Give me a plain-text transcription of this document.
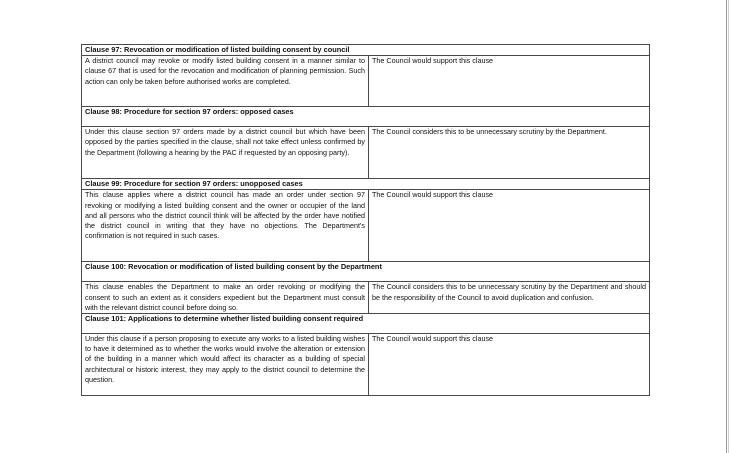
Clause 97: Revocation or modification of listed building consent by council	
A district council may revoke or modify listed building consent in a manner similar to clause 67 that is used for the revocation and modification of planning permission. Such action can only be taken before authorised works are completed.	The Council would support this clause
Clause 98: Procedure for section 97 orders: opposed cases	
Under this clause section 97 orders made by a district council but which have been opposed by the parties specified in the clause, shall not take effect unless confirmed by the Department (following a hearing by the PAC if requested by an opposing party).	The Council considers this to be unnecessary scrutiny by the Department.
Clause 99: Procedure for section 97 orders: unopposed cases	
This clause applies where a district council has made an order under section 97 revoking or modifying a listed building consent and the owner or occupier of the land and all persons who the district council think will be affected by the order have notified the district council in writing that they have no objections. The Department's confirmation is not required in such cases.	The Council would support this clause
Clause 100: Revocation or modification of listed building consent by the Department	
This clause enables the Department to make an order revoking or modifying the consent to such an extent as it considers expedient but the Department must consult with the relevant district council before doing so.	The Council considers this to be unnecessary scrutiny by the Department and should be the responsibility of the Council to avoid duplication and confusion.
Clause 101: Applications to determine whether listed building consent required	
Under this clause if a person proposing to execute any works to a listed building wishes to have it determined as to whether the works would involve the alteration or extension of the building in a manner which would affect its character as a building of special architectural or historic interest, they may apply to the district council to determine the question.	The Council would support this clause
